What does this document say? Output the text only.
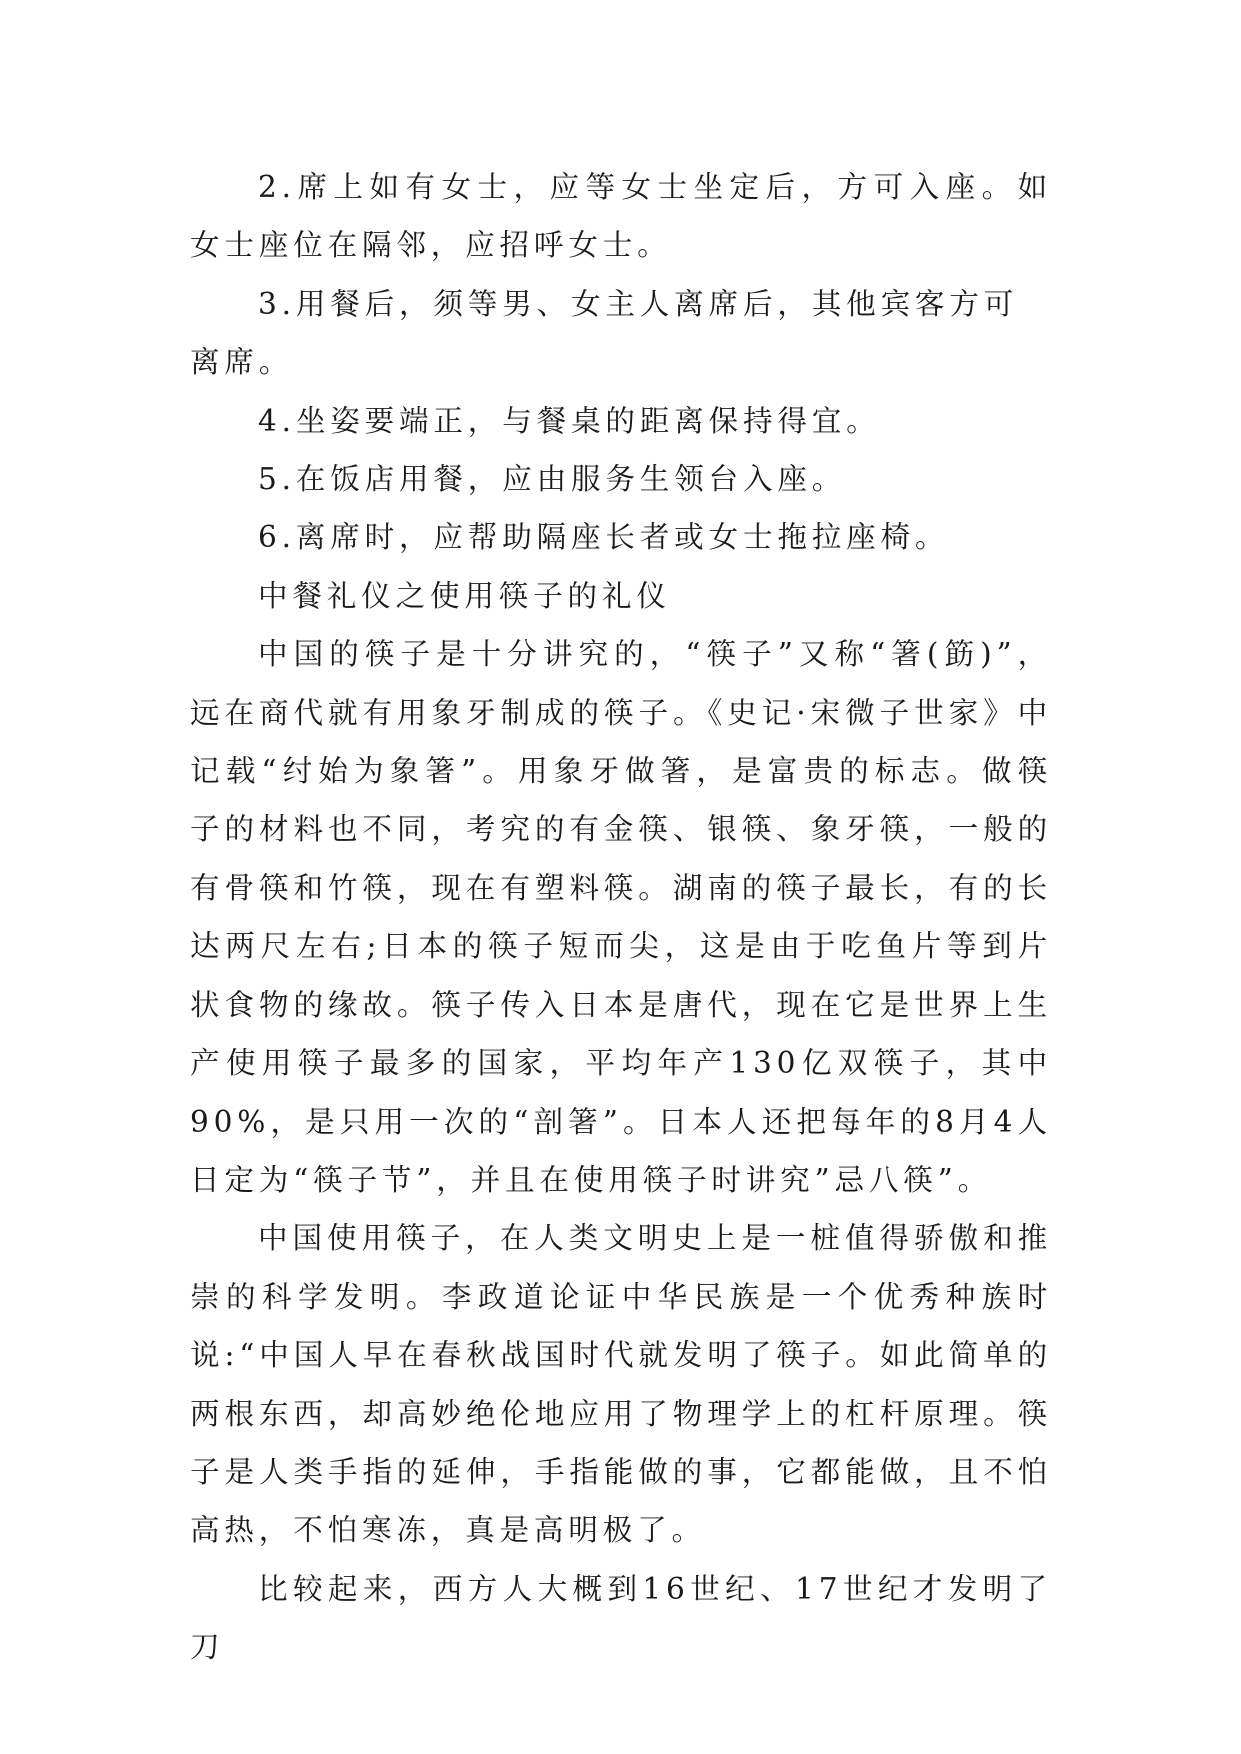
2.席上如有女士，应等女士坐定后，方可入座。如女士座位在隔邻，应招呼女士。

3.用餐后，须等男、女主人离席后，其他宾客方可离席。

4.坐姿要端正，与餐桌的距离保持得宜。

5.在饭店用餐，应由服务生领台入座。

6.离席时，应帮助隔座长者或女士拖拉座椅。

中餐礼仪之使用筷子的礼仪

中国的筷子是十分讲究的，“筷子”又称“箸(筯)”，远在商代就有用象牙制成的筷子。《史记·宋微子世家》中记载“纣始为象箸”。用象牙做箸，是富贵的标志。做筷子的材料也不同，考究的有金筷、银筷、象牙筷，一般的有骨筷和竹筷，现在有塑料筷。湖南的筷子最长，有的长达两尺左右;日本的筷子短而尖，这是由于吃鱼片等到片状食物的缘故。筷子传入日本是唐代，现在它是世界上生产使用筷子最多的国家，平均年产130亿双筷子，其中90%，是只用一次的“剖箸”。日本人还把每年的8月4人日定为“筷子节”，并且在使用筷子时讲究”忌八筷”。

中国使用筷子，在人类文明史上是一桩值得骄傲和推崇的科学发明。李政道论证中华民族是一个优秀种族时说:“中国人早在春秋战国时代就发明了筷子。如此简单的两根东西，却高妙绝伦地应用了物理学上的杠杆原理。筷子是人类手指的延伸，手指能做的事，它都能做，且不怕高热，不怕寒冻，真是高明极了。

比较起来，西方人大概到16世纪、17世纪才发明了刀
